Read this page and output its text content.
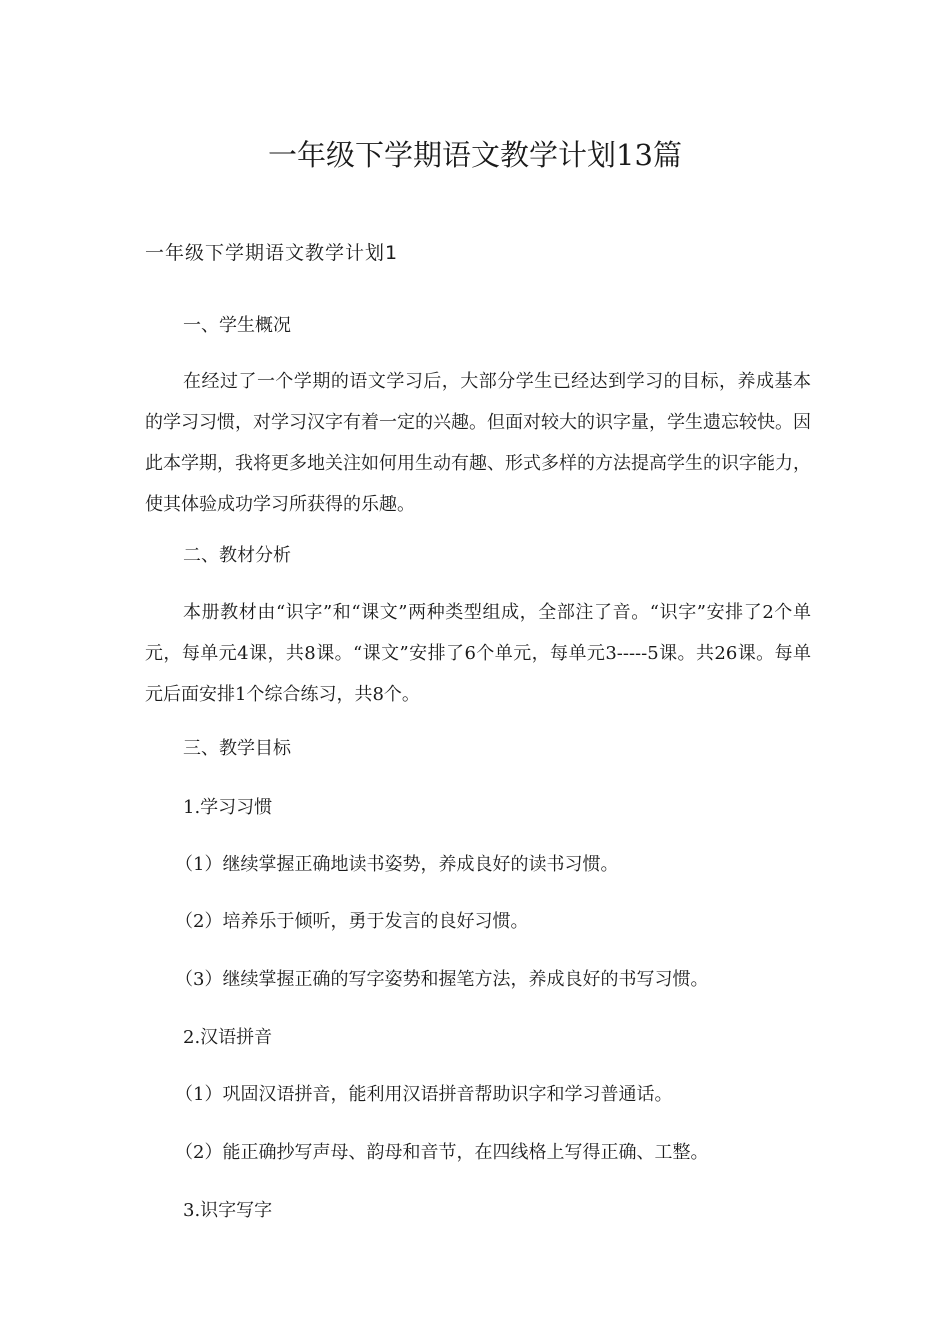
一年级下学期语文教学计划13篇
一年级下学期语文教学计划1

一、学生概况

在经过了一个学期的语文学习后，大部分学生已经达到学习的目标，养成基本的学习习惯，对学习汉字有着一定的兴趣。但面对较大的识字量，学生遗忘较快。因此本学期，我将更多地关注如何用生动有趣、形式多样的方法提高学生的识字能力，使其体验成功学习所获得的乐趣。

二、教材分析

本册教材由“识字”和“课文”两种类型组成，全部注了音。“识字”安排了2个单元，每单元4课，共8课。“课文”安排了6个单元，每单元3-----5课。共26课。每单元后面安排1个综合练习，共8个。

三、教学目标

1.学习习惯

（1）继续掌握正确地读书姿势，养成良好的读书习惯。

（2）培养乐于倾听，勇于发言的良好习惯。

（3）继续掌握正确的写字姿势和握笔方法，养成良好的书写习惯。

2.汉语拼音

（1）巩固汉语拼音，能利用汉语拼音帮助识字和学习普通话。

（2）能正确抄写声母、韵母和音节，在四线格上写得正确、工整。

3.识字写字
